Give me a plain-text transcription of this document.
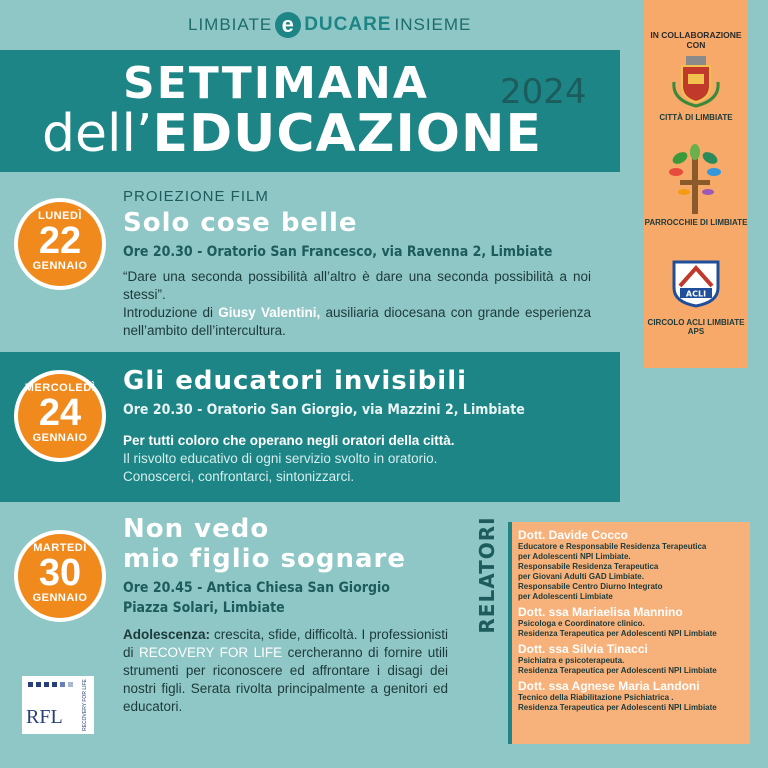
LIMBIATE e DUCARE INSIEME
SETTIMANA
dell’EDUCAZIONE
2024
LUNEDÌ
22
GENNAIO
PROIEZIONE FILM
Solo cose belle
Ore 20.30 - Oratorio San Francesco, via Ravenna 2, Limbiate
“Dare una seconda possibilità all’altro è dare una seconda possibilità a noi stessi”.
Introduzione di Giusy Valentini, ausiliaria diocesana con grande esperienza nell’ambito dell’intercultura.
MERCOLEDÌ
24
GENNAIO
Gli educatori invisibili
Ore 20.30 - Oratorio San Giorgio, via Mazzini 2, Limbiate
Per tutti coloro che operano negli oratori della città.
Il risvolto educativo di ogni servizio svolto in oratorio.
Conoscerci, confrontarci, sintonizzarci.
MARTEDÌ
30
GENNAIO
Non vedo
mio figlio sognare
Ore 20.45 - Antica Chiesa San Giorgio
Piazza Solari, Limbiate
Adolescenza: crescita, sfide, difficoltà. I professionisti di RECOVERY FOR LIFE cercheranno di fornire utili strumenti per riconoscere ed affrontare i disagi dei nostri figli. Serata rivolta principalmente a genitori ed educatori.
RFL	RECOVERY FOR LIFE
IN COLLABORAZIONE CON
CITTÀ DI LIMBIATE
PARROCCHIE DI LIMBIATE
ACLI
CIRCOLO ACLI LIMBIATE APS
RELATORI Dott. Davide Cocco
Educatore e Responsabile Residenza Terapeutica
per Adolescenti NPI Limbiate.
Responsabile Residenza Terapeutica
per Giovani Adulti GAD Limbiate.
Responsabile Centro Diurno Integrato
per Adolescenti Limbiate
Dott. ssa Mariaelisa Mannino
Psicologa e Coordinatore clinico.
Residenza Terapeutica per Adolescenti NPI Limbiate
Dott. ssa Silvia Tinacci
Psichiatra e psicoterapeuta.
Residenza Terapeutica per Adolescenti NPI Limbiate
Dott. ssa Agnese Maria Landoni
Tecnico della Riabilitazione Psichiatrica .
Residenza Terapeutica per Adolescenti NPI Limbiate
